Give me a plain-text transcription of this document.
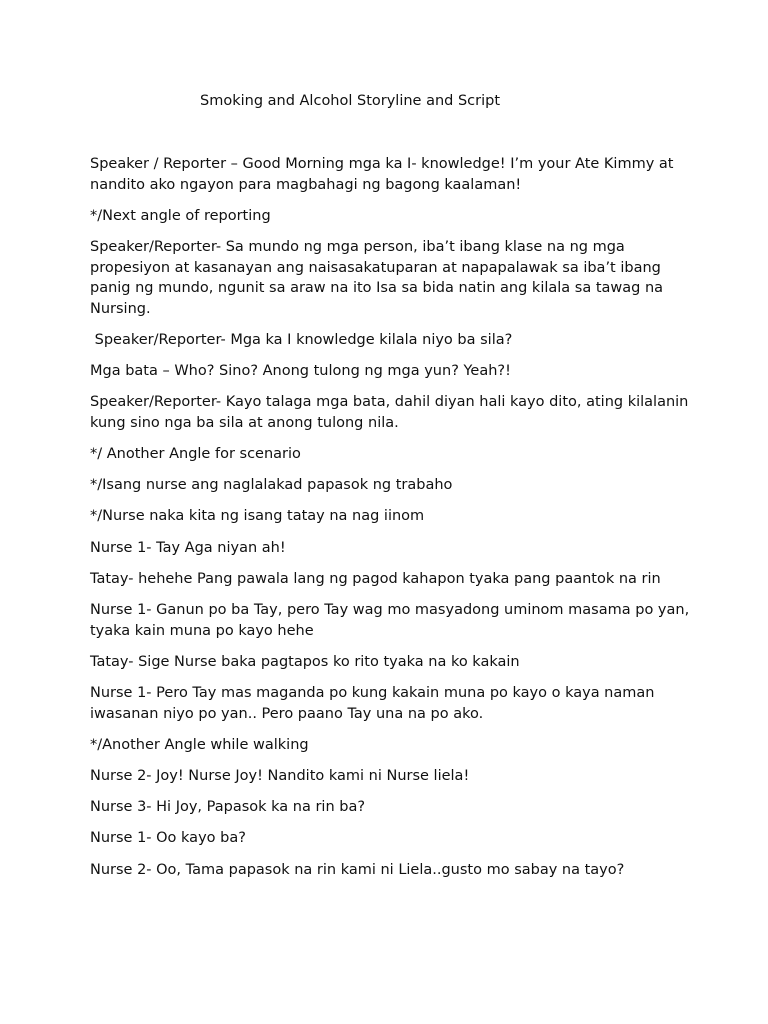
Smoking and Alcohol Storyline and Script

Speaker / Reporter – Good Morning mga ka I- knowledge! I’m your Ate Kimmy at nandito ako ngayon para magbahagi ng bagong kaalaman!

*/Next angle of reporting

Speaker/Reporter- Sa mundo ng mga person, iba’t ibang klase na ng mga propesiyon at kasanayan ang naisasakatuparan at napapalawak sa iba’t ibang panig ng mundo, ngunit sa araw na ito Isa sa bida natin ang kilala sa tawag na Nursing.

Speaker/Reporter- Mga ka I knowledge kilala niyo ba sila?

Mga bata – Who? Sino? Anong tulong ng mga yun? Yeah?!

Speaker/Reporter- Kayo talaga mga bata, dahil diyan hali kayo dito, ating kilalanin kung sino nga ba sila at anong tulong nila.

*/ Another Angle for scenario

*/Isang nurse ang naglalakad papasok ng trabaho

*/Nurse naka kita ng isang tatay na nag iinom

Nurse 1- Tay Aga niyan ah!

Tatay- hehehe Pang pawala lang ng pagod kahapon tyaka pang paantok na rin

Nurse 1- Ganun po ba Tay, pero Tay wag mo masyadong uminom masama po yan, tyaka kain muna po kayo hehe

Tatay- Sige Nurse baka pagtapos ko rito tyaka na ko kakain

Nurse 1- Pero Tay mas maganda po kung kakain muna po kayo o kaya naman iwasanan niyo po yan.. Pero paano Tay una na po ako.

*/Another Angle while walking

Nurse 2- Joy! Nurse Joy! Nandito kami ni Nurse liela!

Nurse 3- Hi Joy, Papasok ka na rin ba?

Nurse 1- Oo kayo ba?

Nurse 2- Oo, Tama papasok na rin kami ni Liela..gusto mo sabay na tayo?
